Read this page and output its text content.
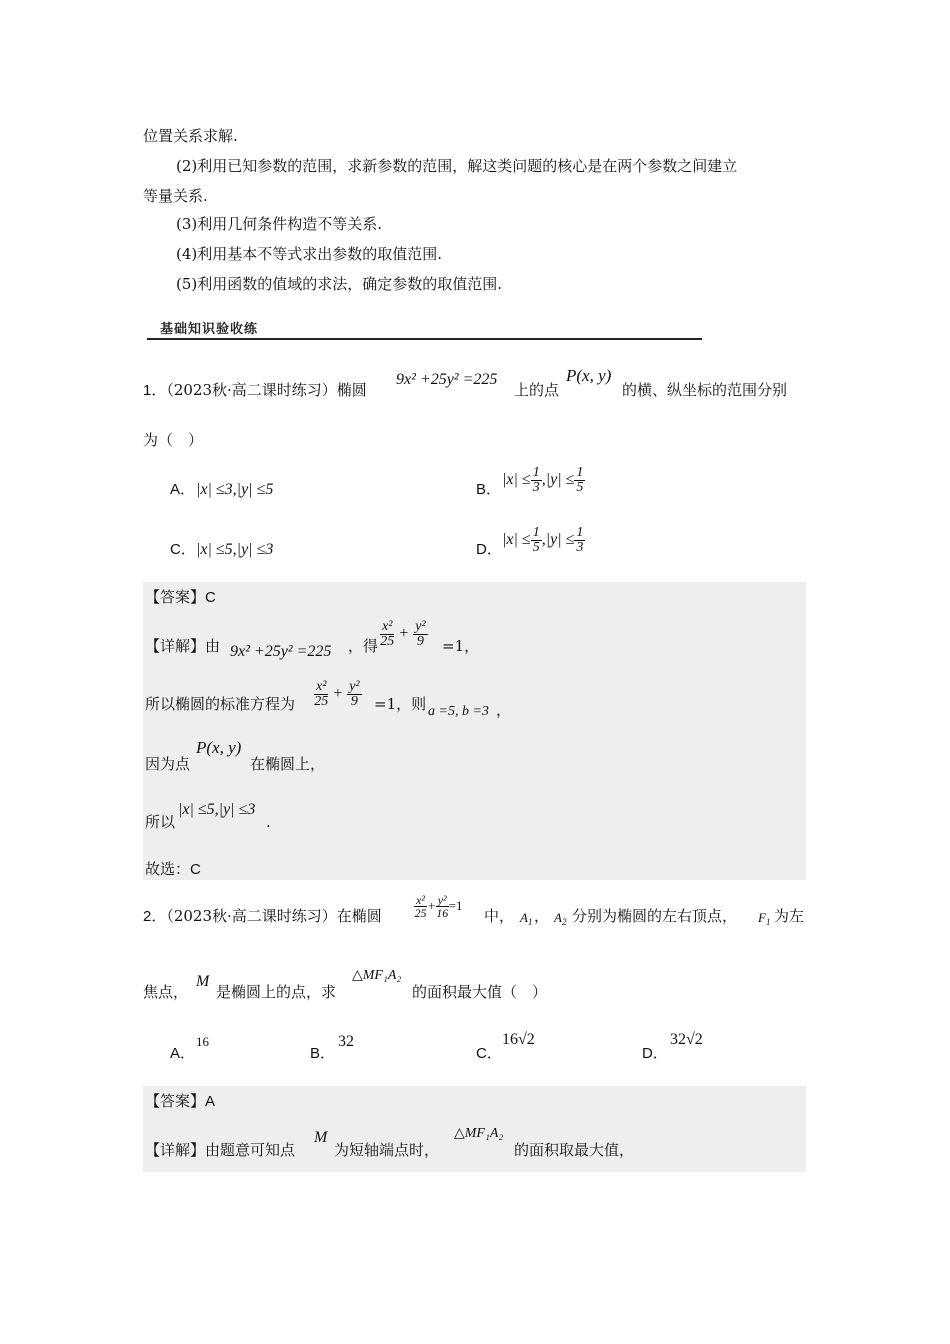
位置关系求解.
(2)利用已知参数的范围，求新参数的范围，解这类问题的核心是在两个参数之间建立
等量关系.
(3)利用几何条件构造不等关系.
(4)利用基本不等式求出参数的取值范围.
(5)利用函数的值域的求法，确定参数的取值范围.
基础知识验收练
1．（2023秋·高二课时练习）椭圆
9x² +25y² =225
上的点
P(x, y)
的横、纵坐标的范围分别
为（　）
A． |x| ≤3,|y| ≤5	B．
$|x| \le \frac{1}{3} ,|y| \le \frac{1}{5}$
C． |x| ≤5,|y| ≤3	D．
$|x| \le \frac{1}{5} ,|y| \le \frac{1}{3}$
【答案】C
【详解】由 9x² +25y² =225 ，得 $\frac{\text{x²}}{25} + \frac{\text{y²}}{9} =1$，
所以椭圆的标准方程为 $\frac{\text{x²}}{25} + \frac{\text{y²}}{9} =1$，则 a =5, b =3 ，
因为点
P(x, y)
在椭圆上，
所以
|x| ≤5,|y| ≤3
.
故选：C
2．（2023秋·高二课时练习）在椭圆	$\frac{\text{x²}}{25} + \frac{\text{y²}}{16} =1$
中， $A_1$ ， $A_2$ 分别为椭圆的左右顶点， $F_1$ 为左
焦点，
M
是椭圆上的点，求
△MF₁A₂
的面积最大值（　）
A．
16
B．
32
C．
16√2
D．
32√2
【答案】A
【详解】由题意可知点
M
为短轴端点时，
△MF₁A₂
的面积取最大值，
